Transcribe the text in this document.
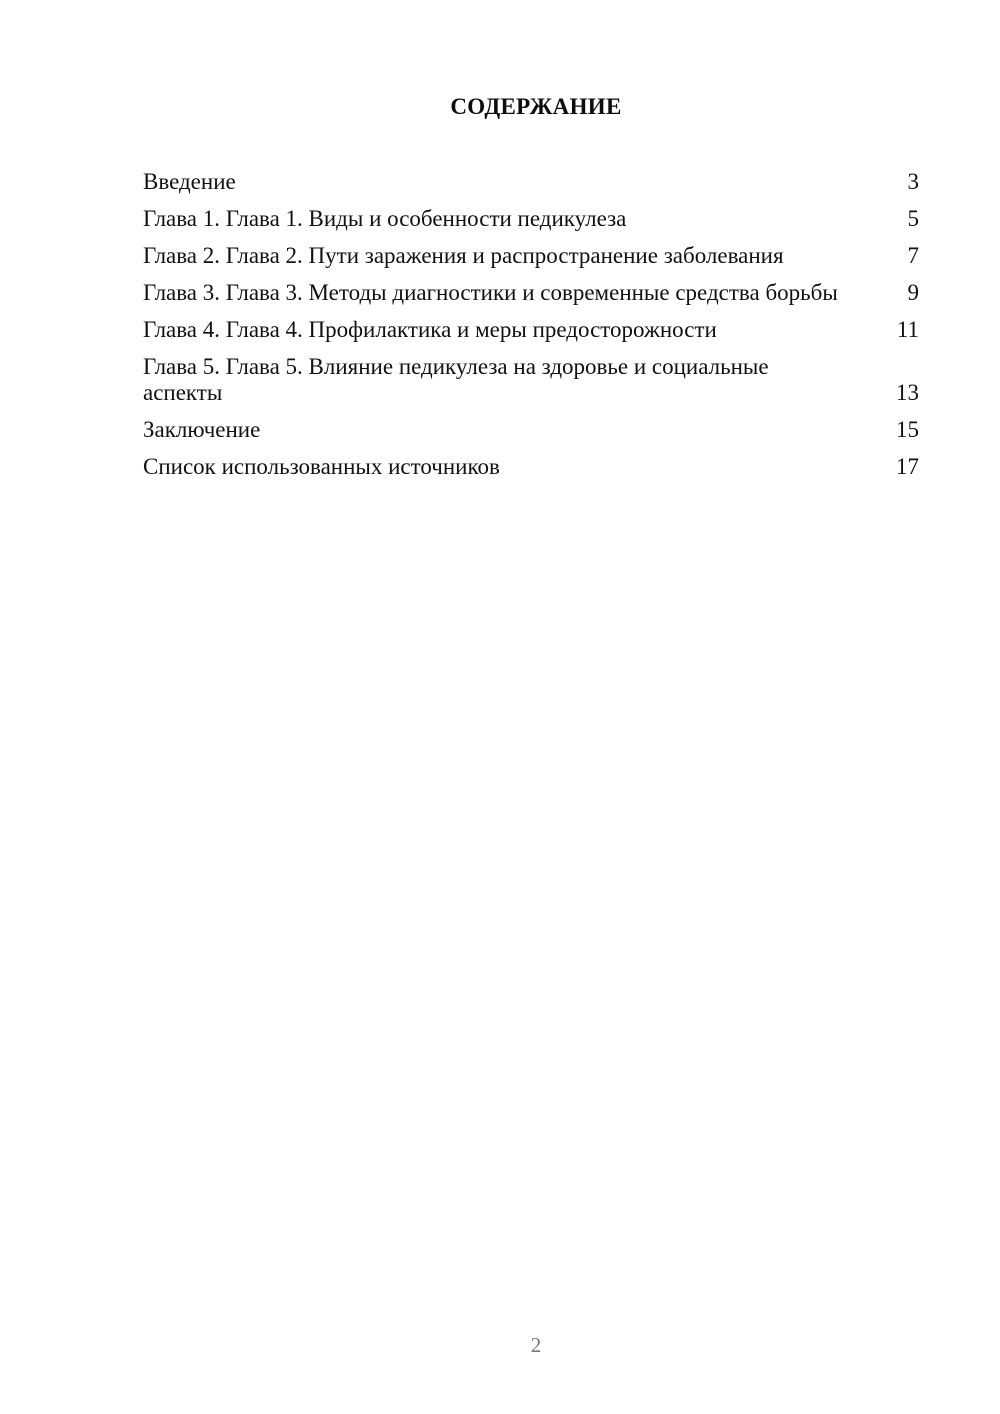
СОДЕРЖАНИЕ
Введение	3
Глава 1. Глава 1. Виды и особенности педикулеза	5
Глава 2. Глава 2. Пути заражения и распространение заболевания	7
Глава 3. Глава 3. Методы диагностики и современные средства борьбы	9
Глава 4. Глава 4. Профилактика и меры предосторожности	11
Глава 5. Глава 5. Влияние педикулеза на здоровье и социальные аспекты	13
Заключение	15
Список использованных источников	17
2
